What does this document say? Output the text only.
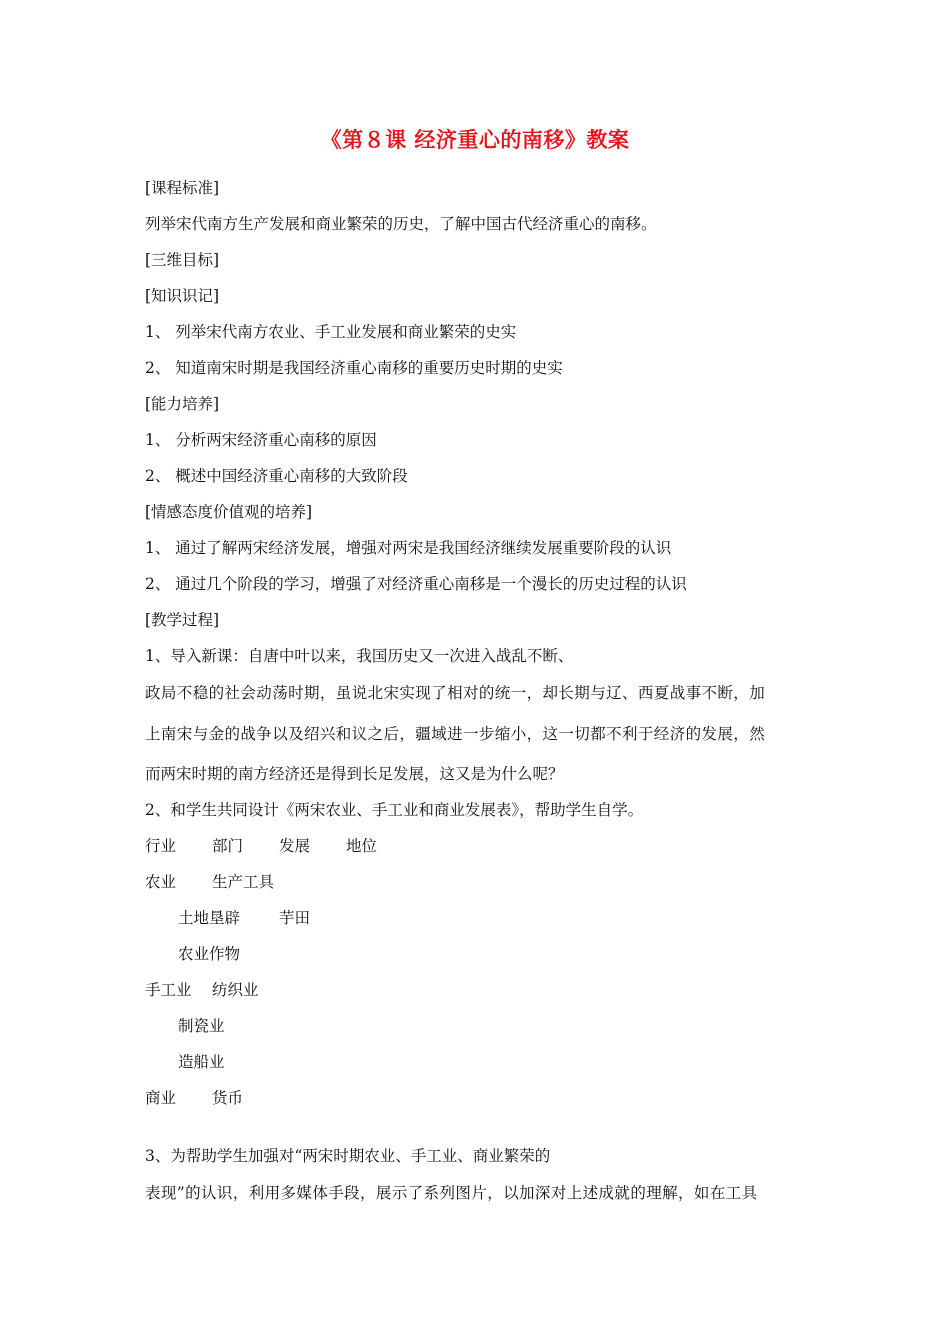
《第８课 经济重心的南移》教案
[课程标准]
列举宋代南方生产发展和商业繁荣的历史，了解中国古代经济重心的南移。
[三维目标]
[知识识记]
1、 列举宋代南方农业、手工业发展和商业繁荣的史实
2、 知道南宋时期是我国经济重心南移的重要历史时期的史实
[能力培养]
1、 分析两宋经济重心南移的原因
2、 概述中国经济重心南移的大致阶段
[情感态度价值观的培养]
1、 通过了解两宋经济发展，增强对两宋是我国经济继续发展重要阶段的认识
2、 通过几个阶段的学习，增强了对经济重心南移是一个漫长的历史过程的认识
[教学过程]
1、导入新课：自唐中叶以来，我国历史又一次进入战乱不断、
政局不稳的社会动荡时期，虽说北宋实现了相对的统一，却长期与辽、西夏战事不断，加
上南宋与金的战争以及绍兴和议之后，疆域进一步缩小，这一切都不利于经济的发展，然
而两宋时期的南方经济还是得到长足发展，这又是为什么呢？
2、和学生共同设计《两宋农业、手工业和商业发展表》，帮助学生自学。
行业 部门 发展 地位
农业 生产工具
土地垦辟	芋田
农业作物
手工业 纺织业
制瓷业
造船业
商业 货币
3、为帮助学生加强对“两宋时期农业、手工业、商业繁荣的
表现”的认识，利用多媒体手段，展示了系列图片，以加深对上述成就的理解，如在工具
